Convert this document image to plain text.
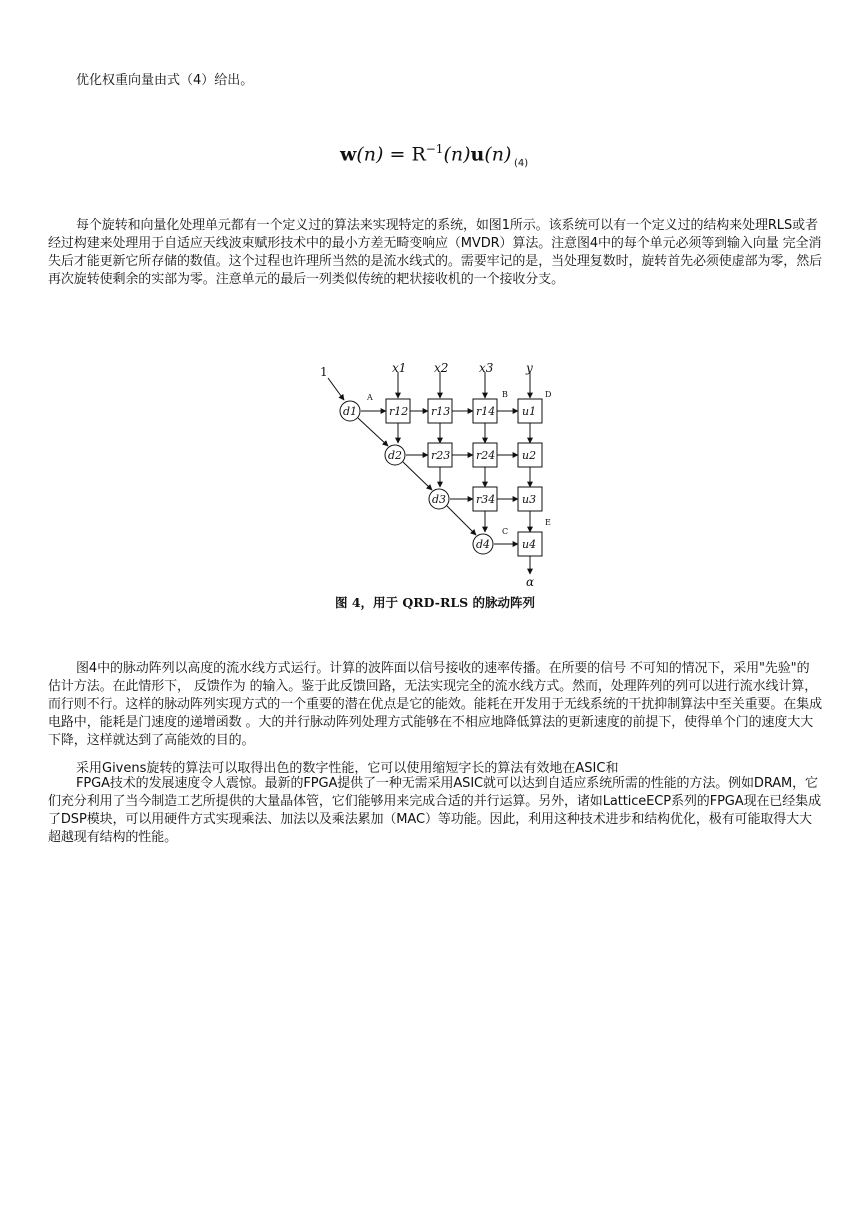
优化权重向量由式（4）给出。

$w(n) = R^{-1}(n)u(n)$ (4)

每个旋转和向量化处理单元都有一个定义过的算法来实现特定的系统，如图1所示。该系统可以有一个定义过的结构来处理RLS或者经过构建来处理用于自适应天线波束赋形技术中的最小方差无畸变响应（MVDR）算法。注意图4中的每个单元必须等到输入向量 完全消失后才能更新它所存储的数值。这个过程也许理所当然的是流水线式的。需要牢记的是，当处理复数时，旋转首先必须使虚部为零，然后再次旋转使剩余的实部为零。注意单元的最后一列类似传统的耙状接收机的一个接收分支。

1	x1 x2	x3	y
d1
d2
d3
d4
r12 r13 r14 u1
r23 r24 u2
r34 u3
u4
α
A	B
C
D
E
图 4，用于 QRD-RLS 的脉动阵列

图4中的脉动阵列以高度的流水线方式运行。计算的波阵面以信号接收的速率传播。在所要的信号 不可知的情况下，采用"先验"的估计方法。在此情形下， 反馈作为 的输入。鉴于此反馈回路，无法实现完全的流水线方式。然而，处理阵列的列可以进行流水线计算，而行则不行。这样的脉动阵列实现方式的一个重要的潜在优点是它的能效。能耗在开发用于无线系统的干扰抑制算法中至关重要。在集成电路中，能耗是门速度的递增函数 。大的并行脉动阵列处理方式能够在不相应地降低算法的更新速度的前提下，使得单个门的速度大大下降，这样就达到了高能效的目的。

采用Givens旋转的算法可以取得出色的数字性能，它可以使用缩短字长的算法有效地在ASIC和

FPGA技术的发展速度令人震惊。最新的FPGA提供了一种无需采用ASIC就可以达到自适应系统所需的性能的方法。例如DRAM，它们充分利用了当今制造工艺所提供的大量晶体管，它们能够用来完成合适的并行运算。另外，诸如LatticeECP系列的FPGA现在已经集成了DSP模块，可以用硬件方式实现乘法、加法以及乘法累加（MAC）等功能。因此，利用这种技术进步和结构优化，极有可能取得大大超越现有结构的性能。
